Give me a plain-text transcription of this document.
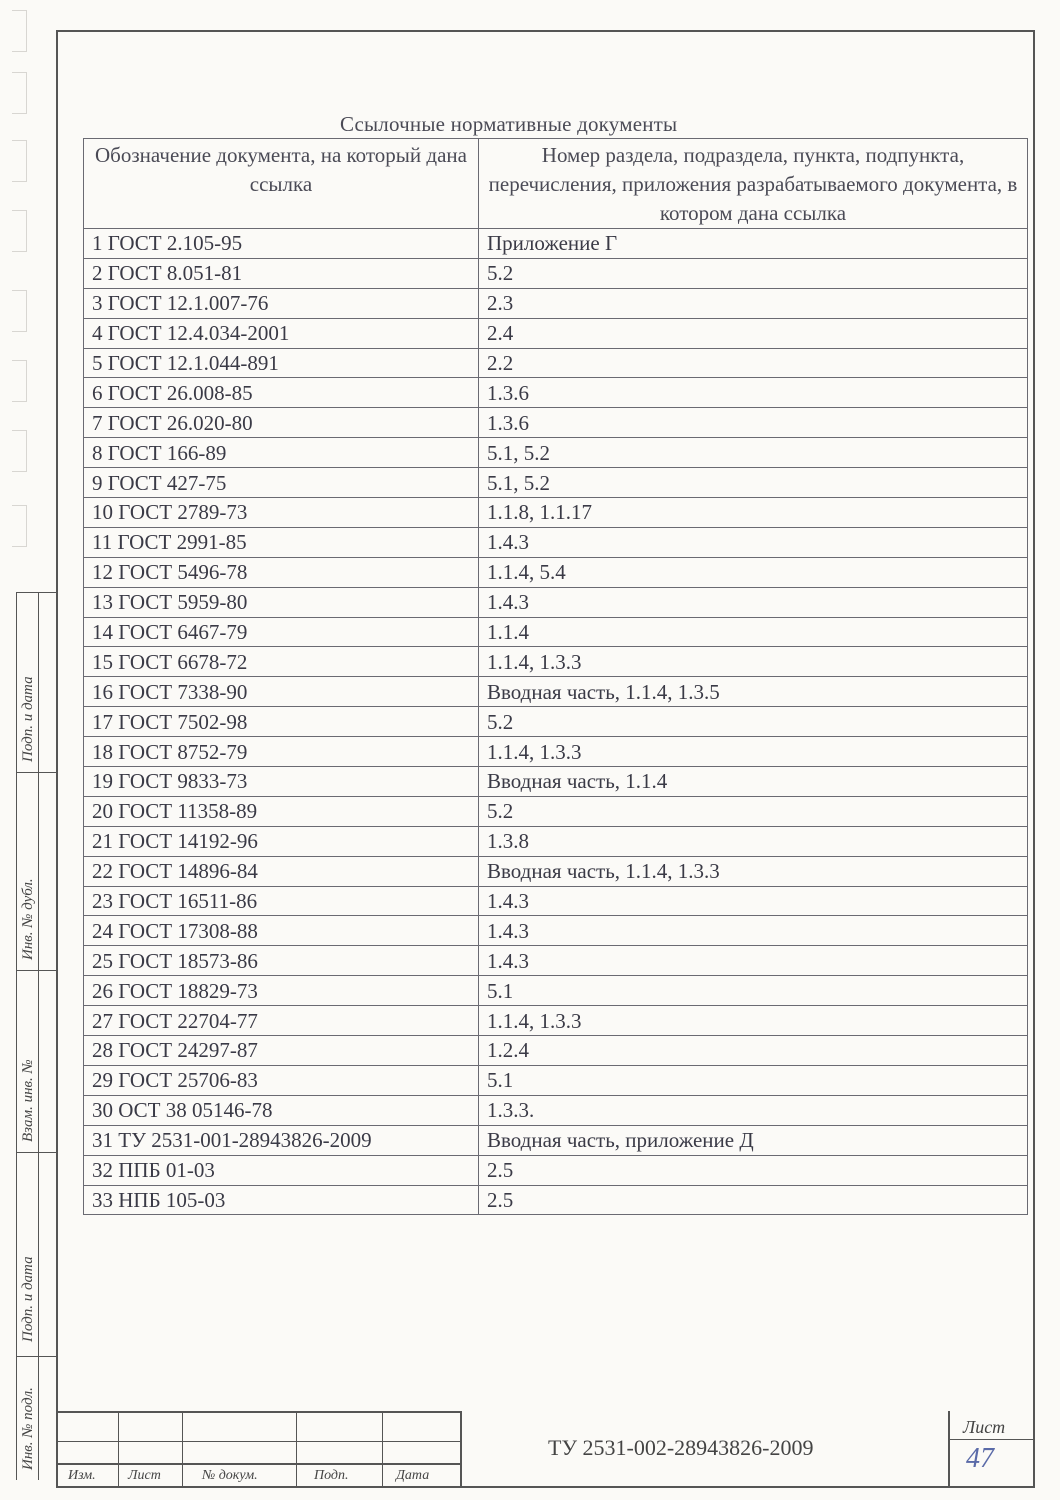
Инв. № подл.
Подп. и дата
Взам. инв. №
Инв. № дубл.
Подп. и дата
Ссылочные нормативные документы
Обозначение документа, на который дана ссылка	Номер раздела, подраздела, пункта, подпункта, перечисления, приложения разрабатываемого документа, в котором дана ссылка
1 ГОСТ 2.105-95	Приложение Г
2 ГОСТ 8.051-81	5.2
3 ГОСТ 12.1.007-76	2.3
4 ГОСТ 12.4.034-2001	2.4
5 ГОСТ 12.1.044-891	2.2
6 ГОСТ 26.008-85	1.3.6
7 ГОСТ 26.020-80	1.3.6
8 ГОСТ 166-89	5.1, 5.2
9 ГОСТ 427-75	5.1, 5.2
10 ГОСТ 2789-73	1.1.8, 1.1.17
11 ГОСТ 2991-85	1.4.3
12 ГОСТ 5496-78	1.1.4, 5.4
13 ГОСТ 5959-80	1.4.3
14 ГОСТ 6467-79	1.1.4
15 ГОСТ 6678-72	1.1.4, 1.3.3
16 ГОСТ 7338-90	Вводная часть, 1.1.4, 1.3.5
17 ГОСТ 7502-98	5.2
18 ГОСТ 8752-79	1.1.4, 1.3.3
19 ГОСТ 9833-73	Вводная часть, 1.1.4
20 ГОСТ 11358-89	5.2
21 ГОСТ 14192-96	1.3.8
22 ГОСТ 14896-84	Вводная часть, 1.1.4, 1.3.3
23 ГОСТ 16511-86	1.4.3
24 ГОСТ 17308-88	1.4.3
25 ГОСТ 18573-86	1.4.3
26 ГОСТ 18829-73	5.1
27 ГОСТ 22704-77	1.1.4, 1.3.3
28 ГОСТ 24297-87	1.2.4
29 ГОСТ 25706-83	5.1
30 ОСТ 38 05146-78	1.3.3.
31 ТУ 2531-001-28943826-2009	Вводная часть, приложение Д
32 ППБ 01-03	2.5
33 НПБ 105-03	2.5
Изм. Лист	№ докум.	Подп.	Дата
ТУ 2531-002-28943826-2009
Лист
47
